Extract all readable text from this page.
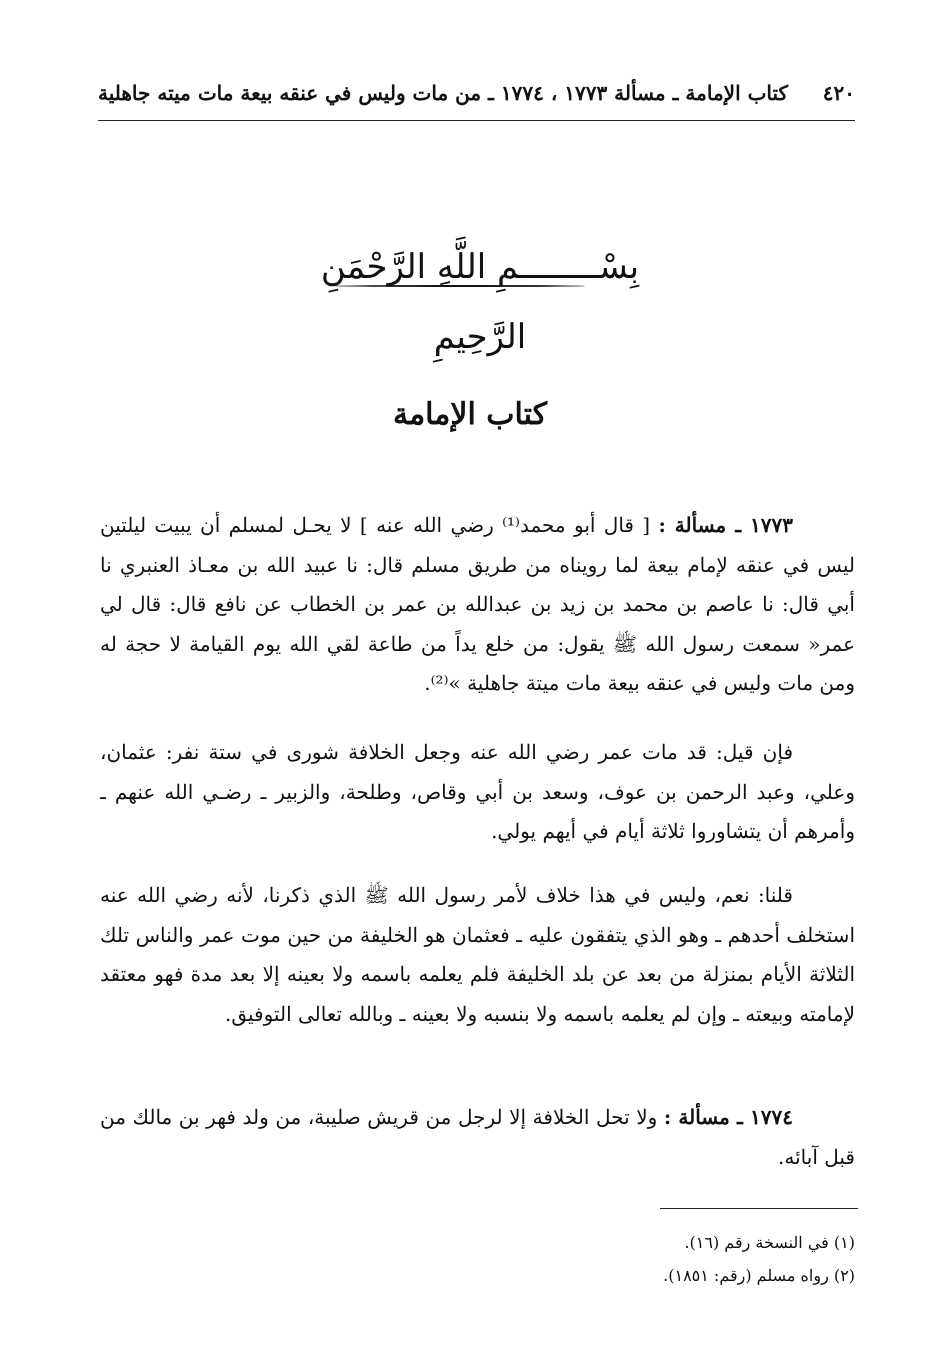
٤٢٠
كتاب الإمامة ـ مسألة ١٧٧٣ ، ١٧٧٤ ـ من مات وليس في عنقه بيعة مات ميته جاهلية
بِسْــــــــمِ اللَّهِ الرَّحْمَنِ الرَّحِيمِ
كتاب الإمامة
١٧٧٣ ـ مسألة : [ قال أبو محمد⁽¹⁾ رضي الله عنه ] لا يحـل لمسلم أن يبيت ليلتين ليس في عنقه لإمام بيعة لما رويناه من طريق مسلم قال: نا عبيد الله بن معـاذ العنبري نا أبي قال: نا عاصم بن محمد بن زيد بن عبدالله بن عمر بن الخطاب عن نافع قال: قال لي عمر« سمعت رسول الله ﷺ يقول: من خلع يداً من طاعة لقي الله يوم القيامة لا حجة له ومن مات وليس في عنقه بيعة مات ميتة جاهلية »⁽²⁾.
فإن قيل: قد مات عمر رضي الله عنه وجعل الخلافة شورى في ستة نفر: عثمان، وعلي، وعبد الرحمن بن عوف، وسعد بن أبي وقاص، وطلحة، والزبير ـ رضـي الله عنهم ـ وأمرهم أن يتشاوروا ثلاثة أيام في أيهم يولي.
قلنا: نعم، وليس في هذا خلاف لأمر رسول الله ﷺ الذي ذكرنا، لأنه رضي الله عنه استخلف أحدهم ـ وهو الذي يتفقون عليه ـ فعثمان هو الخليفة من حين موت عمر والناس تلك الثلاثة الأيام بمنزلة من بعد عن بلد الخليفة فلم يعلمه باسمه ولا بعينه إلا بعد مدة فهو معتقد لإمامته وبيعته ـ وإن لم يعلمه باسمه ولا بنسبه ولا بعينه ـ وبالله تعالى التوفيق.
١٧٧٤ ـ مسألة : ولا تحل الخلافة إلا لرجل من قريش صليبة، من ولد فهر بن مالك من قبل آبائه.
(١) في النسخة رقم (١٦).
(٢) رواه مسلم (رقم: ١٨٥١).
